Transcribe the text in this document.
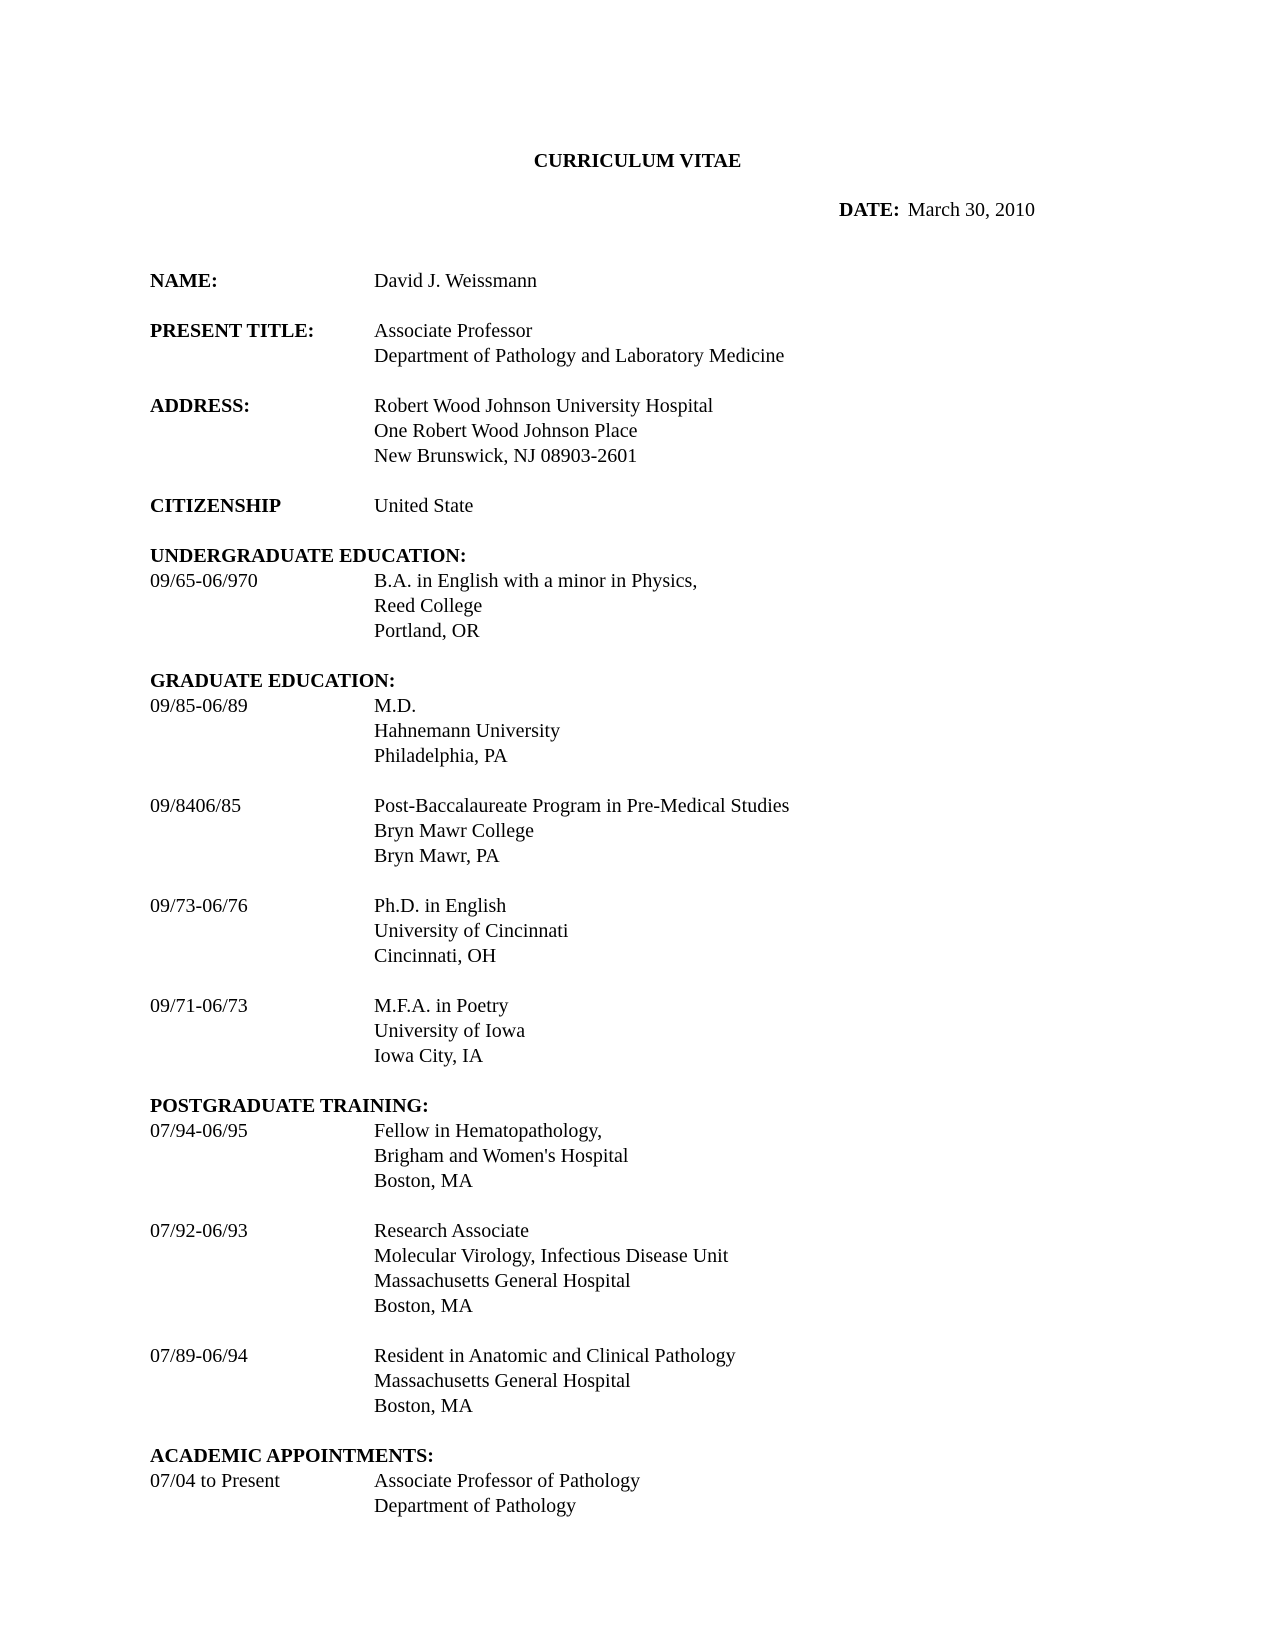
CURRICULUM VITAE
DATE: March 30, 2010
NAME:	David J. Weissmann
PRESENT TITLE:	Associate Professor
Department of Pathology and Laboratory Medicine
ADDRESS:	Robert Wood Johnson University Hospital
One Robert Wood Johnson Place
New Brunswick, NJ 08903-2601
CITIZENSHIP	United State
UNDERGRADUATE EDUCATION:
09/65-06/970	B.A. in English with a minor in Physics,
Reed College
Portland, OR
GRADUATE EDUCATION:
09/85-06/89	M.D.
Hahnemann University
Philadelphia, PA
09/8406/85	Post-Baccalaureate Program in Pre-Medical Studies
Bryn Mawr College
Bryn Mawr, PA
09/73-06/76	Ph.D. in English
University of Cincinnati
Cincinnati, OH
09/71-06/73	M.F.A. in Poetry
University of Iowa
Iowa City, IA
POSTGRADUATE TRAINING:
07/94-06/95	Fellow in Hematopathology,
Brigham and Women's Hospital
Boston, MA
07/92-06/93	Research Associate
Molecular Virology, Infectious Disease Unit
Massachusetts General Hospital
Boston, MA
07/89-06/94	Resident in Anatomic and Clinical Pathology
Massachusetts General Hospital
Boston, MA
ACADEMIC APPOINTMENTS:
07/04 to Present	Associate Professor of Pathology
Department of Pathology
